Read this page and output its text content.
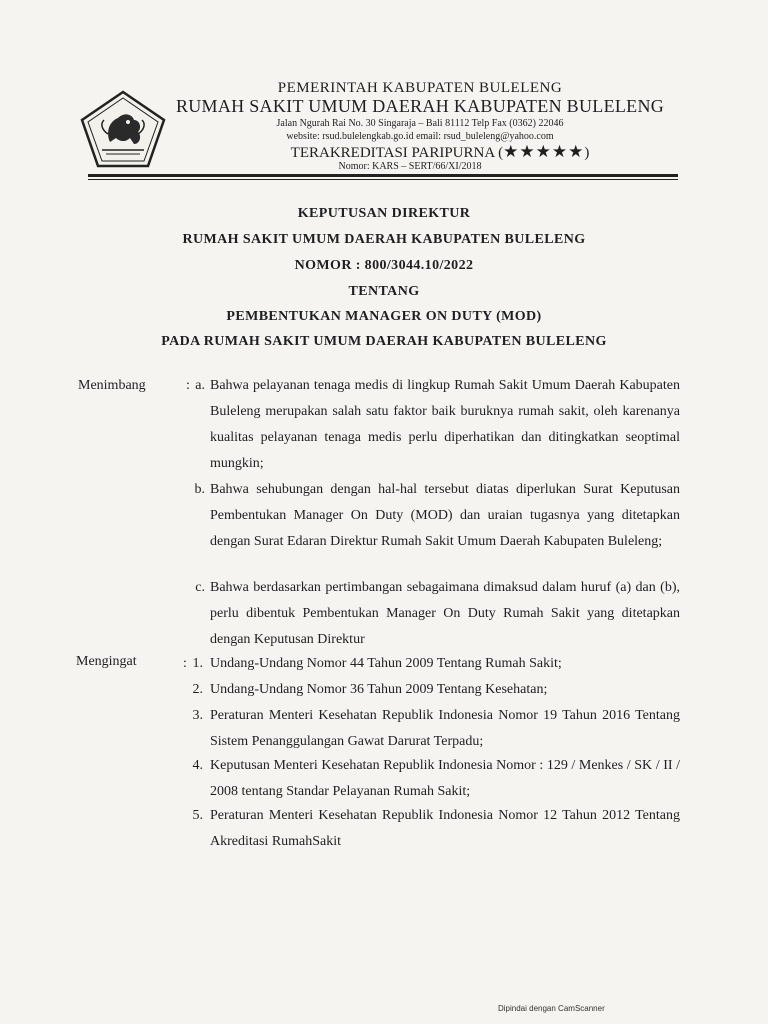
PEMERINTAH KABUPATEN BULELENG
RUMAH SAKIT UMUM DAERAH KABUPATEN BULELENG
Jalan Ngurah Rai No. 30 Singaraja – Bali 81112 Telp Fax (0362) 22046
website: rsud.bulelengkab.go.id email: rsud_buleleng@yahoo.com
TERAKREDITASI PARIPURNA (★★★★★)
Nomor: KARS – SERT/66/XI/2018
KEPUTUSAN DIREKTUR
RUMAH SAKIT UMUM DAERAH KABUPATEN BULELENG
NOMOR : 800/3044.10/2022
TENTANG
PEMBENTUKAN MANAGER ON DUTY (MOD)
PADA RUMAH SAKIT UMUM DAERAH KABUPATEN BULELENG
Menimbang	: a. Bahwa pelayanan tenaga medis di lingkup Rumah Sakit Umum Daerah Kabupaten Buleleng merupakan salah satu faktor baik buruknya rumah sakit, oleh karenanya kualitas pelayanan tenaga medis perlu diperhatikan dan ditingkatkan seoptimal mungkin;
b. Bahwa sehubungan dengan hal-hal tersebut diatas diperlukan Surat Keputusan Pembentukan Manager On Duty (MOD) dan uraian tugasnya yang ditetapkan dengan Surat Edaran Direktur Rumah Sakit Umum Daerah Kabupaten Buleleng;
c. Bahwa berdasarkan pertimbangan sebagaimana dimaksud dalam huruf (a) dan (b), perlu dibentuk Pembentukan Manager On Duty Rumah Sakit yang ditetapkan dengan Keputusan Direktur
Mengingat	: 1. Undang-Undang Nomor 44 Tahun 2009 Tentang Rumah Sakit;
2. Undang-Undang Nomor 36 Tahun 2009 Tentang Kesehatan;
3. Peraturan Menteri Kesehatan Republik Indonesia Nomor 19 Tahun 2016 Tentang Sistem Penanggulangan Gawat Darurat Terpadu;
4. Keputusan Menteri Kesehatan Republik Indonesia Nomor : 129 / Menkes / SK / II / 2008 tentang Standar Pelayanan Rumah Sakit;
5. Peraturan Menteri Kesehatan Republik Indonesia Nomor 12 Tahun 2012 Tentang Akreditasi RumahSakit
Dipindai dengan CamScanner
